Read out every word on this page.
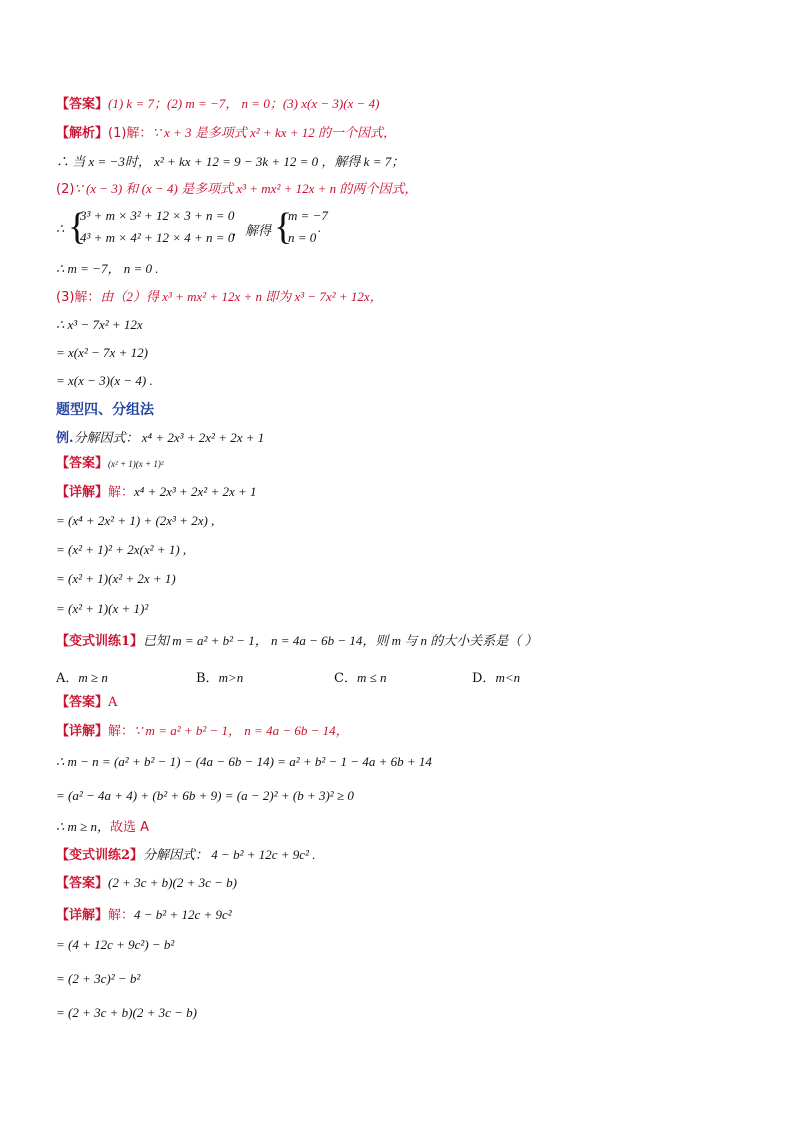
【答案】(1) k = 7；(2) m = −7， n = 0；(3) x(x − 3)(x − 4)
【解析】(1)解：∵ x + 3 是多项式 x² + kx + 12 的一个因式，
∴ 当 x = −3时， x² + kx + 12 = 9 − 3k + 12 = 0 ，解得 k = 7；
(2)∵ (x − 3) 和 (x − 4) 是多项式 x³ + mx² + 12x + n 的两个因式，
∴ {
3³ + m × 3² + 12 × 3 + n = 0
4³ + m × 4² + 12 × 4 + n = 0
，解得 {
m = −7
n = 0
.
∴ m = −7， n = 0 .
(3)解：由（2）得 x³ + mx² + 12x + n 即为 x³ − 7x² + 12x，
∴ x³ − 7x² + 12x
= x(x² − 7x + 12)
= x(x − 3)(x − 4) .
题型四、分组法
例.分解因式： x⁴ + 2x³ + 2x² + 2x + 1
【答案】(x² + 1)(x + 1)²
【详解】解：x⁴ + 2x³ + 2x² + 2x + 1
= (x⁴ + 2x² + 1) + (2x³ + 2x) ,
= (x² + 1)² + 2x(x² + 1) ,
= (x² + 1)(x² + 2x + 1)
= (x² + 1)(x + 1)²
【变式训练1】已知 m = a² + b² − 1， n = 4a − 6b − 14，则 m 与 n 的大小关系是（ ）
A．m ≥ n	B．m>n	C．m ≤ n	D．m<n
【答案】A
【详解】解：∵ m = a² + b² − 1， n = 4a − 6b − 14，
∴ m − n = (a² + b² − 1) − (4a − 6b − 14) = a² + b² − 1 − 4a + 6b + 14
= (a² − 4a + 4) + (b² + 6b + 9) = (a − 2)² + (b + 3)² ≥ 0
∴ m ≥ n，故选 A
【变式训练2】分解因式： 4 − b² + 12c + 9c² .
【答案】(2 + 3c + b)(2 + 3c − b)
【详解】解：4 − b² + 12c + 9c²
= (4 + 12c + 9c²) − b²
= (2 + 3c)² − b²
= (2 + 3c + b)(2 + 3c − b)
